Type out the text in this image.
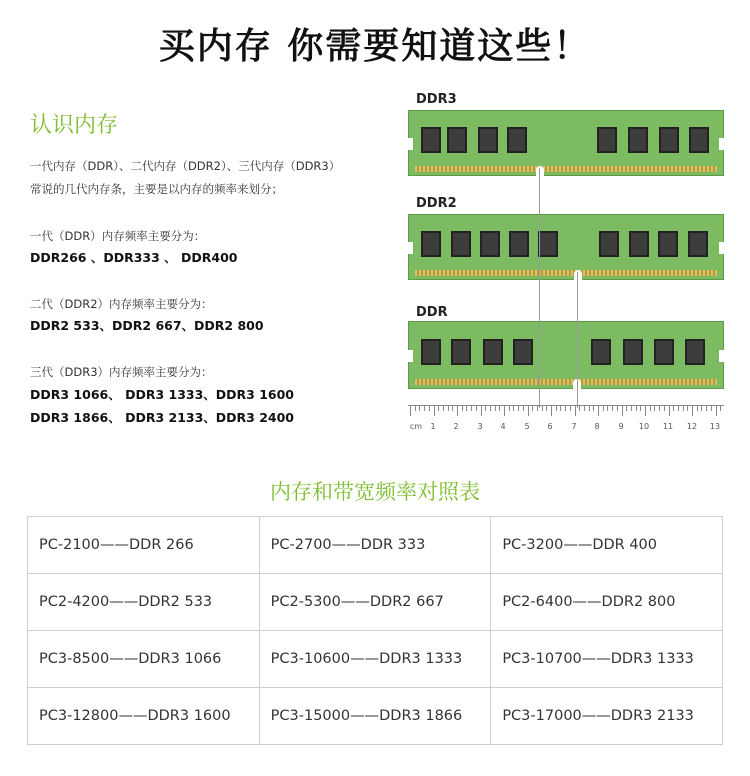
买内存 你需要知道这些！
认识内存
一代内存（DDR）、二代内存（DDR2）、三代内存（DDR3）
常说的几代内存条，主要是以内存的频率来划分；
一代（DDR）内存频率主要分为：
DDR266 、DDR333 、 DDR400
二代（DDR2）内存频率主要分为：
DDR2 533、DDR2 667、DDR2 800
三代（DDR3）内存频率主要分为：
DDR3 1066、 DDR3 1333、DDR3 1600
DDR3 1866、 DDR3 2133、DDR3 2400
DDR3
DDR2
DDR
cm 1 2 3 4 5 6 7 8 9 10 11 12 13
内存和带宽频率对照表
PC-2100——DDR 266	PC-2700——DDR 333	PC-3200——DDR 400
PC2-4200——DDR2 533	PC2-5300——DDR2 667	PC2-6400——DDR2 800
PC3-8500——DDR3 1066	PC3-10600——DDR3 1333	PC3-10700——DDR3 1333
PC3-12800——DDR3 1600	PC3-15000——DDR3 1866	PC3-17000——DDR3 2133
